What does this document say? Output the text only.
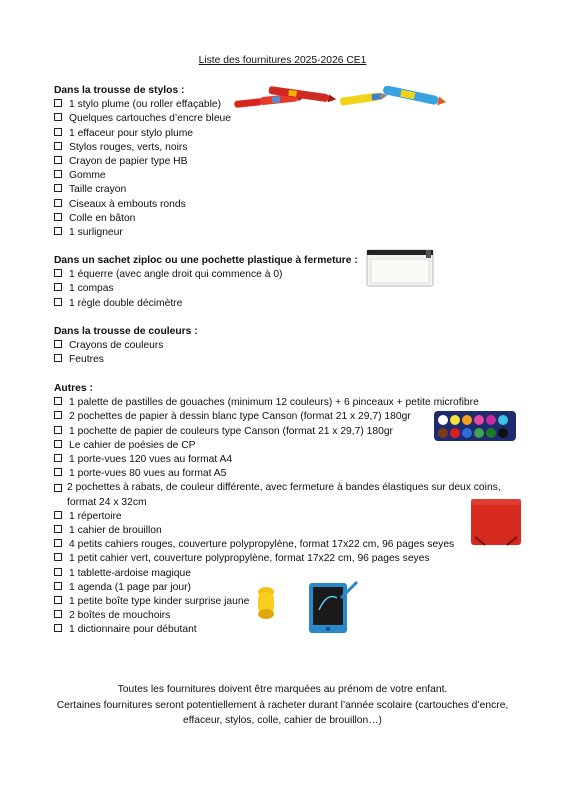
Liste des fournitures 2025-2026 CE1
Dans la trousse de stylos :
1 stylo plume (ou roller effaçable)
Quelques cartouches d’encre bleue
1 effaceur pour stylo plume
Stylos rouges, verts, noirs
Crayon de papier type HB
Gomme
Taille crayon
Ciseaux à embouts ronds
Colle en bâton
1 surligneur
Dans un sachet ziploc ou une pochette plastique à fermeture :
1 équerre (avec angle droit qui commence à 0)
1 compas
1 règle double décimètre
Dans la trousse de couleurs :
Crayons de couleurs
Feutres
Autres :
1 palette de pastilles de gouaches (minimum 12 couleurs) + 6 pinceaux + petite microfibre
2 pochettes de papier à dessin blanc type Canson (format 21 x 29,7) 180gr
1 pochette de papier de couleurs type Canson (format 21 x 29,7) 180gr
Le cahier de poésies de CP
1 porte-vues 120 vues au format A4
1 porte-vues 80 vues au format A5
2 pochettes à rabats, de couleur différente, avec fermeture à bandes élastiques sur deux coins, format 24 x 32cm
1 répertoire
1 cahier de brouillon
4 petits cahiers rouges, couverture polypropylène, format 17x22 cm, 96 pages seyes
1 petit cahier vert, couverture polypropylène, format 17x22 cm, 96 pages seyes
1 tablette-ardoise magique
1 agenda (1 page par jour)
1 petite boîte type kinder surprise jaune
2 boîtes de mouchoirs
1 dictionnaire pour débutant
Toutes les fournitures doivent être marquées au prénom de votre enfant.
Certaines fournitures seront potentiellement à racheter durant l’année scolaire (cartouches d’encre, effaceur, stylos, colle, cahier de brouillon…)
